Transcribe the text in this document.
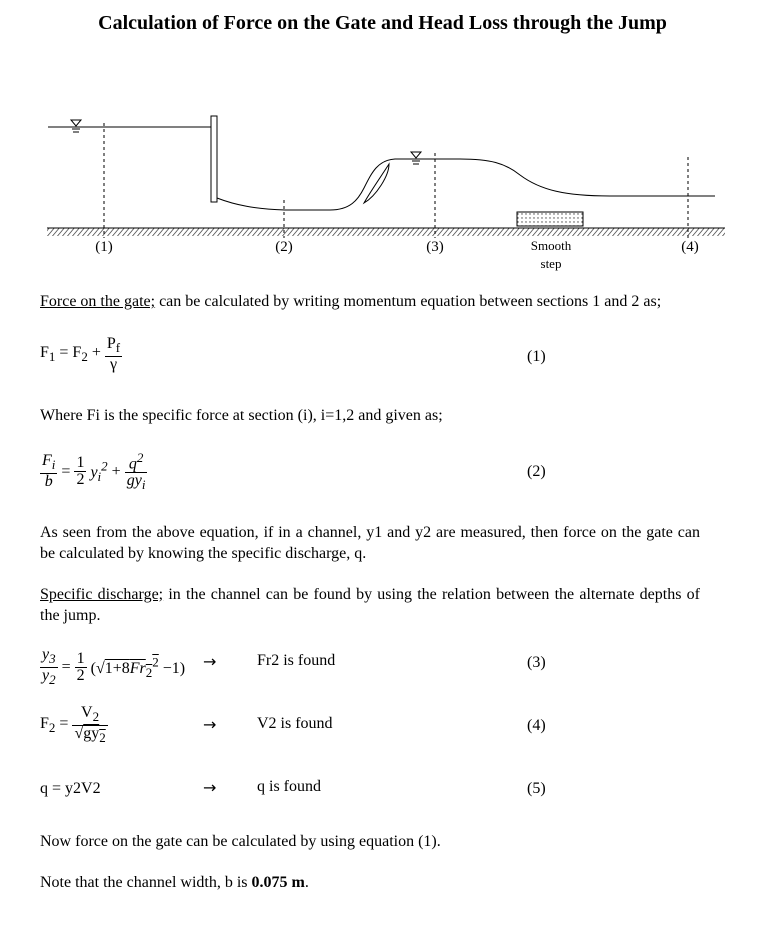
Calculation of Force on the Gate and Head Loss through the Jump
(1)	(2)	(3)	(4)
Smooth
step
Force on the gate; can be calculated by writing momentum equation between sections 1 and 2 as;
$F_1 = F_2 + \frac{P_f}{\gamma}$	(1)
Where Fi is the specific force at section (i), i=1,2 and given as;
$\frac{F_i}{b} = \frac{1}{2} y_i^2 + \frac{q^2}{gy_i}$	(2)
As seen from the above equation, if in a channel, y1 and y2 are measured, then force on the gate can be calculated by knowing the specific discharge, q.
Specific discharge; in the channel can be found by using the relation between the alternate depths of the jump.
$\frac{y_3}{y_2} = \frac{1}{2} (√1+8Fr_2^2 -1)$ →	Fr2 is found	(3)
$F_2 = \frac{V_2}{√gy_2}$	→	V2 is found	(4)
q = y2V2	→	q is found	(5)
Now force on the gate can be calculated by using equation (1).
Note that the channel width, b is 0.075 m.
